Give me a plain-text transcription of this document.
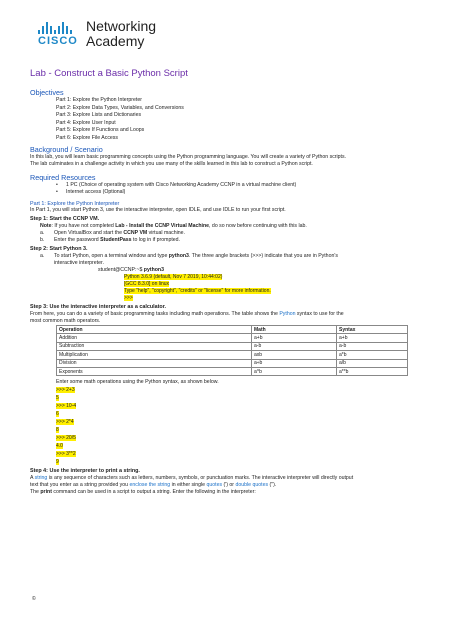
CISCO
Networking
Academy
Lab - Construct a Basic Python Script
Objectives
Part 1: Explore the Python Interpreter
Part 2: Explore Data Types, Variables, and Conversions
Part 3: Explore Lists and Dictionaries
Part 4: Explore User Input
Part 5: Explore If Functions and Loops
Part 6: Explore File Access
Background / Scenario
In this lab, you will learn basic programming concepts using the Python programming language. You will create a variety of Python scripts.
The lab culminates in a challenge activity in which you use many of the skills learned in this lab to construct a Python script.
Required Resources
•	1 PC (Choice of operating system with Cisco Networking Academy CCNP in a virtual machine client)
•	Internet access (Optional)
Part 1: Explore the Python Interpreter
In Part 1, you will start Python 3, use the interactive interpreter, open IDLE, and use IDLE to run your first script.
Step 1: Start the CCNP VM.
Note: If you have not completed Lab - Install the CCNP Virtual Machine, do so now before continuing with this lab.
a.	Open VirtualBox and start the CCNP VM virtual machine.
b.	Enter the password StudentPass to log in if prompted.
Step 2: Start Python 3.
a.	To start Python, open a terminal window and type python3. The three angle brackets (>>>) indicate that you are in Python's
interactive interpreter.
student@CCNP:~$ python3
Python 3.6.9 (default, Nov 7 2019, 10:44:02)
[GCC 8.3.0] on linux
Type "help", "copyright", "credits" or "license" for more information.
>>>
Step 3: Use the interactive interpreter as a calculator.
From here, you can do a variety of basic programming tasks including math operations. The table shows the Python syntax to use for the
most common math operators.
Operation	Math	Syntax
Addition	a+b	a+b
Subtraction	a-b	a-b
Multiplication	axb	a*b
Division	a÷b	a/b
Exponents	a^b	a**b
Enter some math operations using the Python syntax, as shown below.
>>> 2+3
5
>>> 10-4
6
>>> 2*4
8
>>> 20/5
4.0
>>> 3**2
9
Step 4: Use the interpreter to print a string.
A string is any sequence of characters such as letters, numbers, symbols, or punctuation marks. The interactive interpreter will directly output
text that you enter as a string provided you enclose the string in either single quotes (') or double quotes (").
The print command can be used in a script to output a string. Enter the following in the interpreter:
©
